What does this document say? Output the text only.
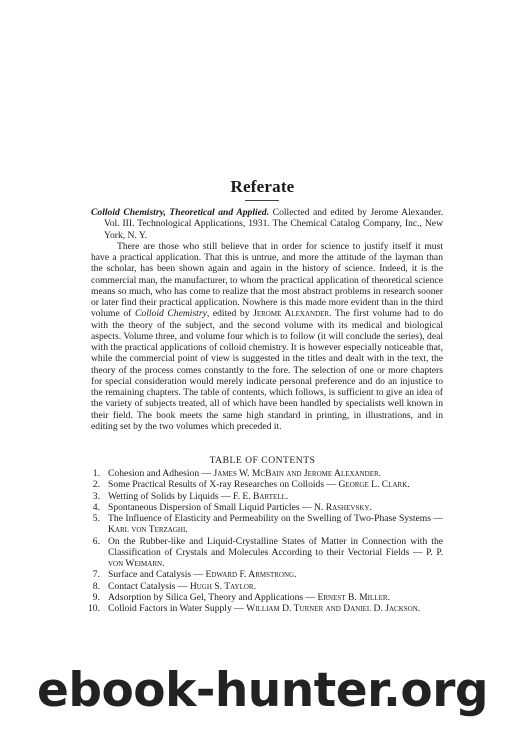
Referate

Colloid Chemistry, Theoretical and Applied. Collected and edited by Jerome Alexander. Vol. III. Technological Applications, 1931. The Chemical Catalog Company, Inc., New York, N. Y.

There are those who still believe that in order for science to justify itself it must have a practical application. That this is untrue, and more the attitude of the layman than the scholar, has been shown again and again in the history of science. Indeed, it is the commercial man, the manufacturer, to whom the practical application of theoretical science means so much, who has come to realize that the most abstract problems in research sooner or later find their practical application. Nowhere is this made more evident than in the third volume of Colloid Chemistry, edited by Jerome Alexander. The first volume had to do with the theory of the subject, and the second volume with its medical and biological aspects. Volume three, and volume four which is to follow (it will conclude the series), deal with the practical applications of colloid chemistry. It is however especially noticeable that, while the commercial point of view is suggested in the titles and dealt with in the text, the theory of the process comes constantly to the fore. The selection of one or more chapters for special consideration would merely indicate personal preference and do an injustice to the remaining chapters. The table of contents, which follows, is sufficient to give an idea of the variety of subjects treated, all of which have been handled by specialists well known in their field. The book meets the same high standard in printing, in illustrations, and in editing set by the two volumes which preceded it.

TABLE OF CONTENTS
1. Cohesion and Adhesion — James W. McBain and Jerome Alexander.
2. Some Practical Results of X-ray Researches on Colloids — George L. Clark.
3. Wetting of Solids by Liquids — F. E. Bartell.
4. Spontaneous Dispersion of Small Liquid Particles — N. Rashevsky.
5. The Influence of Elasticity and Permeability on the Swelling of Two-Phase Systems — Karl von Terzaghi.
6. On the Rubber-like and Liquid-Crystalline States of Matter in Connection with the Classification of Crystals and Molecules According to their Vectorial Fields — P. P. von Weimarn.
7. Surface and Catalysis — Edward F. Armstrong.
8. Contact Catalysis — Hugh S. Taylor.
9. Adsorption by Silica Gel, Theory and Applications — Ernest B. Miller.
10. Colloid Factors in Water Supply — William D. Turner and Daniel D. Jackson.
ebook-hunter.org
